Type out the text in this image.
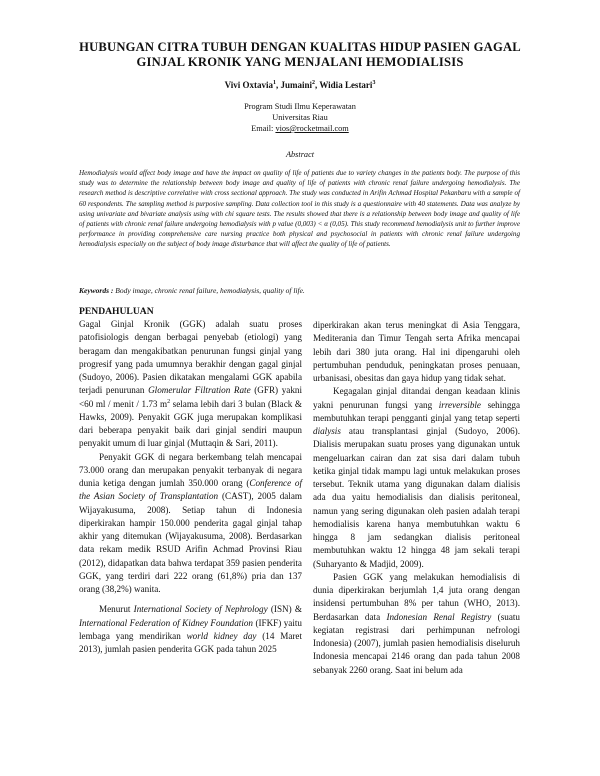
HUBUNGAN CITRA TUBUH DENGAN KUALITAS HIDUP PASIEN GAGAL GINJAL KRONIK YANG MENJALANI HEMODIALISIS
Vivi Oxtavia$^1$, Jumaini$^2$, Widia Lestari$^3$
Program Studi Ilmu Keperawatan
Universitas Riau
Email: vios@rocketmail.com
Abstract
Hemodialysis would affect body image and have the impact on quality of life of patients due to variety changes in the patients body. The purpose of this study was to determine the relationship between body image and quality of life of patients with chronic renal failure undergoing hemodialysis. The research method is descriptive correlative with cross sectional approach. The study was conducted in Arifin Achmad Hospital Pekanbaru with a sample of 60 respondents. The sampling method is purposive sampling. Data collection tool in this study is a questionnaire with 40 statements. Data was analyze by using univariate and bivariate analysis using with chi square tests. The results showed that there is a relationship between body image and quality of life of patients with chronic renal failure undergoing hemodialysis with p value (0,003) < α (0,05). This study recommend hemodialysis unit to further improve performance in providing comprehensive care nursing practice both physical and psychosocial in patients with chronic renal failure undergoing hemodialysis especially on the subject of body image disturbance that will affect the quality of life of patients.
Keywords : Body image, chronic renal failure, hemodialysis, quality of life.

PENDAHULUAN

Gagal Ginjal Kronik (GGK) adalah suatu proses patofisiologis dengan berbagai penyebab (etiologi) yang beragam dan mengakibatkan penurunan fungsi ginjal yang progresif yang pada umumnya berakhir dengan gagal ginjal (Sudoyo, 2006). Pasien dikatakan mengalami GGK apabila terjadi penurunan Glomerular Filtration Rate (GFR) yakni <60 ml / menit / 1.73 $m^2$ selama lebih dari 3 bulan (Black & Hawks, 2009). Penyakit GGK juga merupakan komplikasi dari beberapa penyakit baik dari ginjal sendiri maupun penyakit umum di luar ginjal (Muttaqin & Sari, 2011).

Penyakit GGK di negara berkembang telah mencapai 73.000 orang dan merupakan penyakit terbanyak di negara dunia ketiga dengan jumlah 350.000 orang (Conference of the Asian Society of Transplantation (CAST), 2005 dalam Wijayakusuma, 2008). Setiap tahun di Indonesia diperkirakan hampir 150.000 penderita gagal ginjal tahap akhir yang ditemukan (Wijayakusuma, 2008). Berdasarkan data rekam medik RSUD Arifin Achmad Provinsi Riau (2012), didapatkan data bahwa terdapat 359 pasien penderita GGK, yang terdiri dari 222 orang (61,8%) pria dan 137 orang (38,2%) wanita.

Menurut International Society of Nephrology (ISN) & International Federation of Kidney Foundation (IFKF) yaitu lembaga yang mendirikan world kidney day (14 Maret 2013), jumlah pasien penderita GGK pada tahun 2025

diperkirakan akan terus meningkat di Asia Tenggara, Mediterania dan Timur Tengah serta Afrika mencapai lebih dari 380 juta orang. Hal ini dipengaruhi oleh pertumbuhan penduduk, peningkatan proses penuaan, urbanisasi, obesitas dan gaya hidup yang tidak sehat.

Kegagalan ginjal ditandai dengan keadaan klinis yakni penurunan fungsi yang irreversible sehingga membutuhkan terapi pengganti ginjal yang tetap seperti dialysis atau transplantasi ginjal (Sudoyo, 2006). Dialisis merupakan suatu proses yang digunakan untuk mengeluarkan cairan dan zat sisa dari dalam tubuh ketika ginjal tidak mampu lagi untuk melakukan proses tersebut. Teknik utama yang digunakan dalam dialisis ada dua yaitu hemodialisis dan dialisis peritoneal, namun yang sering digunakan oleh pasien adalah terapi hemodialisis karena hanya membutuhkan waktu 6 hingga 8 jam sedangkan dialisis peritoneal membutuhkan waktu 12 hingga 48 jam sekali terapi (Suharyanto & Madjid, 2009).

Pasien GGK yang melakukan hemodialisis di dunia diperkirakan berjumlah 1,4 juta orang dengan insidensi pertumbuhan 8% per tahun (WHO, 2013). Berdasarkan data Indonesian Renal Registry (suatu kegiatan registrasi dari perhimpunan nefrologi Indonesia) (2007), jumlah pasien hemodialisis diseluruh Indonesia mencapai 2146 orang dan pada tahun 2008 sebanyak 2260 orang. Saat ini belum ada
